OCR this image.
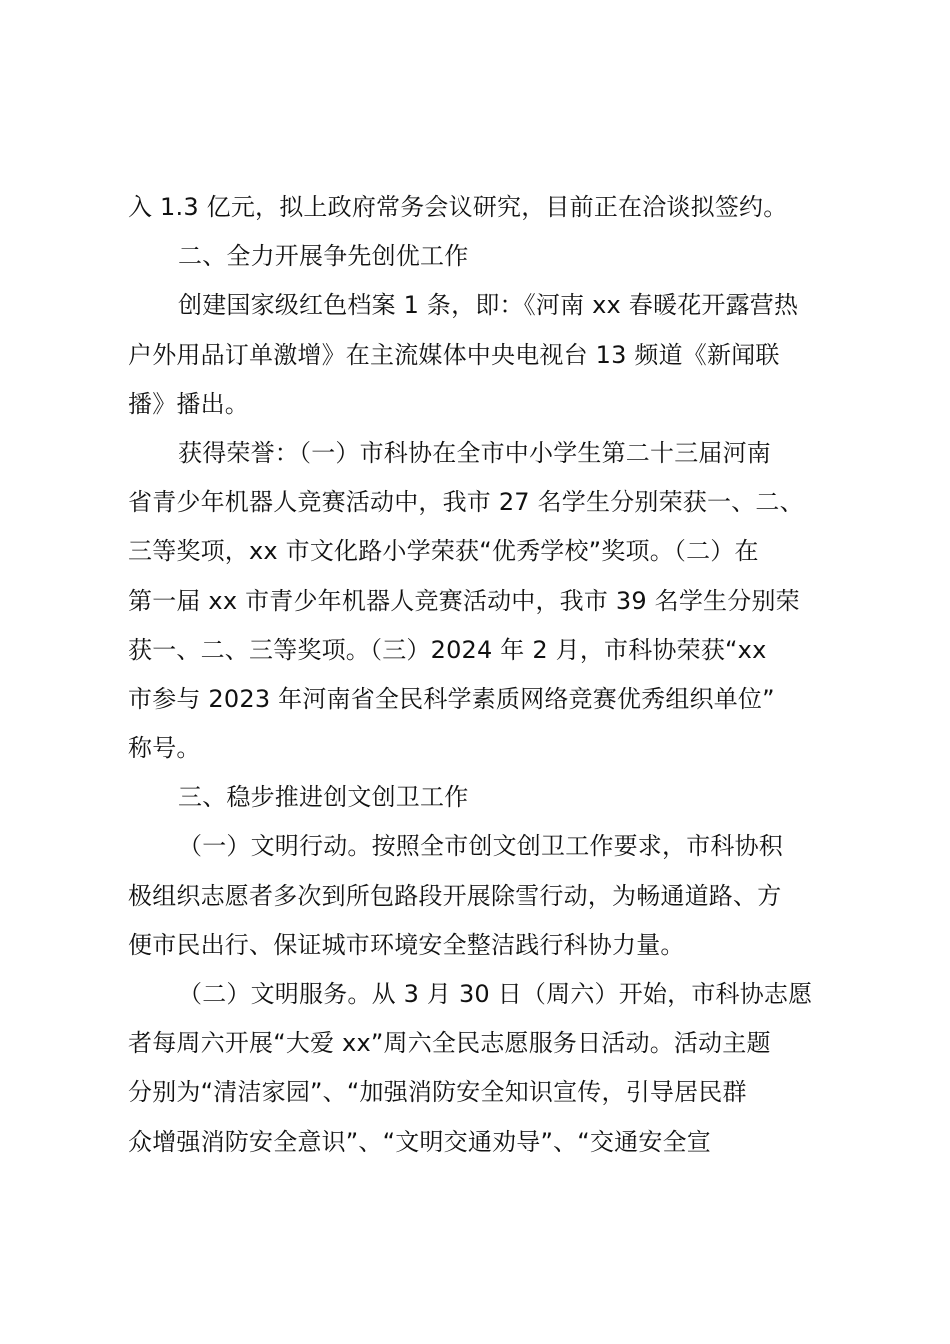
入 1.3 亿元，拟上政府常务会议研究，目前正在洽谈拟签约。
二、全力开展争先创优工作
创建国家级红色档案 1 条，即：《河南 xx 春暖花开露营热
户外用品订单激增》在主流媒体中央电视台 13 频道《新闻联
播》播出。
获得荣誉：（一）市科协在全市中小学生第二十三届河南
省青少年机器人竞赛活动中，我市 27 名学生分别荣获一、二、
三等奖项，xx 市文化路小学荣获“优秀学校”奖项。（二）在
第一届 xx 市青少年机器人竞赛活动中，我市 39 名学生分别荣
获一、二、三等奖项。（三）2024 年 2 月，市科协荣获“xx
市参与 2023 年河南省全民科学素质网络竞赛优秀组织单位”
称号。
三、稳步推进创文创卫工作
（一）文明行动。按照全市创文创卫工作要求，市科协积
极组织志愿者多次到所包路段开展除雪行动，为畅通道路、方
便市民出行、保证城市环境安全整洁践行科协力量。
（二）文明服务。从 3 月 30 日（周六）开始，市科协志愿
者每周六开展“大爱 xx”周六全民志愿服务日活动。活动主题
分别为“清洁家园”、“加强消防安全知识宣传，引导居民群
众增强消防安全意识”、“文明交通劝导”、“交通安全宣
